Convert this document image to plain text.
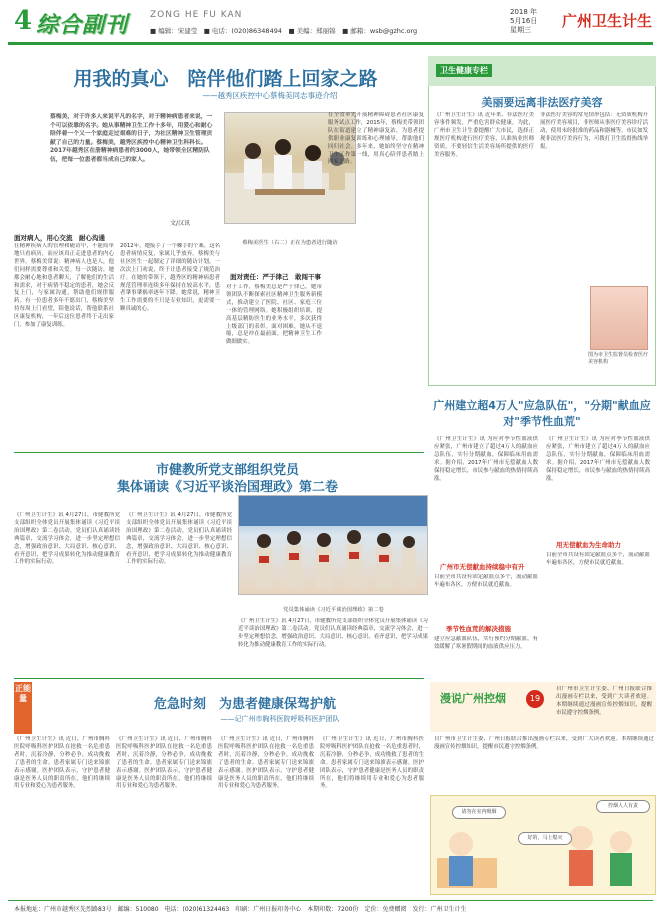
4 综合副刊 ZONG HE FU KAN
■ 编辑：宋建莹　■ 电话：(020)86348494　■ 美编：郑丽锦　■ 邮箱：wsb@gzhc.org
2018 年
5月16日
星期三	广州卫生计生
用我的真心　陪伴他们踏上回家之路
——越秀区疾控中心蔡梅美同志事迹介绍
蔡梅美，对于许多人来说平凡的名字，对于精神病患者来说，一个可以依靠的名字。她从事精神卫生工作十多年，用爱心和耐心陪伴着一个又一个家庭走过艰难的日子，为社区精神卫生管理贡献了自己的力量。蔡梅美，越秀区疾控中心精神卫生科科长。2017年越秀区在册精神病患者约3000人，她带领全区精防队伍，把每一位患者都当成自己的家人。
文/汉讯
蔡梅美医生（右二）正在为患者进行随访
面对病人，用心交流　耐心沟通
在精神疾病人的管理和随访中，不能简单地只看病历，而应该真正走进患者的内心世界。蔡梅美常说：精神病人也是人，他们同样需要尊重和关爱。每一次随访，她都会耐心地和患者聊天，了解他们的生活和需求，对于病情不稳定的患者，她会反复上门，与家属沟通，帮助他们规律服药。有一位患者多年不愿出门，蔡梅美坚持每周上门看望，陪他说话，帮他联系社区康复机构，一年后这位患者终于走出家门，参加了康复训练。
2012年，她接手了一个棘手的个案。这名患者病情反复，家属几乎放弃。蔡梅美与社区医生一起制定了详细的随访计划，一次次上门劝说，终于让患者接受了规范治疗。在她的带领下，越秀区的精神病患者规范管理率连续多年保持在较高水平，患者肇事肇祸率逐年下降。她常说，精神卫生工作需要的不只是专业知识，更需要一颗真诚的心。
面对责任：严于律己　敢闯干事
对于工作，蔡梅美总是严于律己。她带领团队不断探索社区精神卫生服务新模式，推动建立了医院、社区、家庭三位一体的管理网络。她积极组织培训，提高基层精防医生的业务水平，多次获得上级部门的表彰。面对困难，她从不退缩，总是冲在最前面，把精神卫生工作做细做实。
在全省率先开展精神障碍患者社区康复服务试点工作，2015年，蔡梅美带领团队在街道建立了精神康复站，为患者提供职业康复训练和心理辅导，帮助他们回归社会。多年来，她始终坚守在精神卫生工作第一线，用真心陪伴患者踏上回家之路。
卫生健康专栏
美丽要远离非法医疗美容
《广州卫生计生》讯 近年来，非法医疗美容事件频发，严重危害群众健康。为此，广州市卫生计生委提醒广大市民，选择正规医疗机构进行医疗美容，认准执业医师资质，不要轻信生活美容场所提供的医疗美容服务。
非法医疗美容的常见情形包括：无资质机构开展医疗美容项目，非医师从事医疗美容诊疗活动，使用未经批准的药品和器械等。市民如发现非法医疗美容行为，可拨打卫生监督热线举报。
图为市卫生监督员检查医疗美容机构
广州建立超4万人"应急队伍"，"分期"献血应对"季节性血荒"
《广州卫生计生》讯 为应对季节性血液供应紧张，广州市建立了超过4万人的献血应急队伍，实行分期献血，保障临床用血需求。据介绍，2017年广州市无偿献血人数保持稳定增长，市民参与献血的热情持续高涨。
广州市无偿献血持续稳中有升
目前全市共设有固定献血点多个，流动献血车遍布各区，方便市民就近献血。
季节性血荒的解决措施
建立应急献血队伍，实行预约分期献血，有效缓解了寒暑假期间的血液供应压力。
用无偿献血为生命助力
《广州卫生计生》讯 为应对季节性血液供应紧张，广州市建立了超过4万人的献血应急队伍，实行分期献血，保障临床用血需求。据介绍，2017年广州市无偿献血人数保持稳定增长，市民参与献血的热情持续高涨。
目前全市共设有固定献血点多个，流动献血车遍布各区，方便市民就近献血。
市健教所党支部组织党员
集体诵读《习近平谈治国理政》第二卷
《广州卫生计生》讯 4月27日，市健教所党支部组织全体党员开展集体诵读《习近平谈治国理政》第二卷活动。党员们认真诵读经典篇章，交流学习体会，进一步坚定理想信念，增强政治意识、大局意识、核心意识、看齐意识，把学习成果转化为推动健康教育工作的实际行动。
《广州卫生计生》讯 4月27日，市健教所党支部组织全体党员开展集体诵读《习近平谈治国理政》第二卷活动。党员们认真诵读经典篇章，交流学习体会，进一步坚定理想信念，增强政治意识、大局意识、核心意识、看齐意识，把学习成果转化为推动健康教育工作的实际行动。
党员集体诵读《习近平谈治国理政》第二卷
《广州卫生计生》讯 4月27日，市健教所党支部组织全体党员开展集体诵读《习近平谈治国理政》第二卷活动。党员们认真诵读经典篇章，交流学习体会，进一步坚定理想信念，增强政治意识、大局意识、核心意识、看齐意识，把学习成果转化为推动健康教育工作的实际行动。
正能量	危急时刻　为患者健康保驾护航
——记广州市胸科医院呼吸科医护团队
《广州卫生计生》讯 近日，广州市胸科医院呼吸科医护团队在抢救一名危重患者时，沉着冷静，分秒必争，成功挽救了患者的生命。患者家属专门送来锦旗表示感谢。医护团队表示，守护患者健康是医务人员的职责所在，他们将继续用专业和爱心为患者服务。
《广州卫生计生》讯 近日，广州市胸科医院呼吸科医护团队在抢救一名危重患者时，沉着冷静，分秒必争，成功挽救了患者的生命。患者家属专门送来锦旗表示感谢。医护团队表示，守护患者健康是医务人员的职责所在，他们将继续用专业和爱心为患者服务。
《广州卫生计生》讯 近日，广州市胸科医院呼吸科医护团队在抢救一名危重患者时，沉着冷静，分秒必争，成功挽救了患者的生命。患者家属专门送来锦旗表示感谢。医护团队表示，守护患者健康是医务人员的职责所在，他们将继续用专业和爱心为患者服务。
《广州卫生计生》讯 近日，广州市胸科医院呼吸科医护团队在抢救一名危重患者时，沉着冷静，分秒必争，成功挽救了患者的生命。患者家属专门送来锦旗表示感谢。医护团队表示，守护患者健康是医务人员的职责所在，他们将继续用专业和爱心为患者服务。
漫说广州控烟	19
自广州市卫生计生委、广州日报联合推出漫画专栏以来，受到广大读者欢迎。本期继续通过漫画宣传控烟知识，提醒市民遵守控烟条例。
自广州市卫生计生委、广州日报联合推出漫画专栏以来，受到广大读者欢迎。本期继续通过漫画宣传控烟知识，提醒市民遵守控烟条例。
请勿在室内吸烟
好的，马上熄灭
控烟人人有责
本报地址：广州市越秀区先烈路83号　邮编：510080　电话：(020)61324463　印刷：广州日报印务中心　本期印数：7200份　定价：免费赠阅　发行：广州卫生计生
